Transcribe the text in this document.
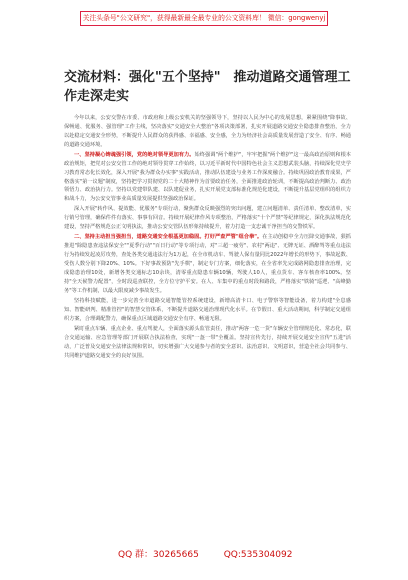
关注头条号"公文研究"，获得最新最全最专业的公文资料库！ 微信：gongwenyj
交流材料：强化"五个坚持"　推动道路交通管理工作走深走实

今年以来，公安交警在市委、市政府和上级公安机关的坚强领导下，坚持以人民为中心的发展思想，紧紧围绕"降事故、保畅通、优服务、强管理"工作主线，坚决落实"交通安全大整治"各项决策部署，扎实开展道路交通安全隐患排查整治，全力以赴稳定交通安全形势，不断提升人民群众的获得感、幸福感、安全感，全力为经济社会高质量发展营造了安全、有序、畅通的道路交通环境。

一、坚持凝心铸魂强引领，党的绝对领导更加有力。始终强调"两个维护"，牢牢把握"两个维护"这一最高政治原则和根本政治规矩，把党对公安交管工作的绝对领导贯穿工作始终，以习近平新时代中国特色社会主义思想武装头脑，持续深化党史学习教育常态化长效化，深入开展"我为群众办实事"实践活动，推动队伍建设与业务工作深度融合。持续巩固政治教育成果，严格落实"第一议题"制度，坚持把学习贯彻党的二十大精神作为首要政治任务，全面推进政治轮训，不断提高政治判断力、政治领悟力、政治执行力。坚持以党建带队建、以队建促业务，扎实开展党支部标准化规范化建设，不断提升基层党组织的组织力和战斗力，为公安交管事业高质量发展提供坚强政治保证。

深入开展"转作风、提效能、优服务"专项行动，聚焦群众反映强烈的突出问题，建立问题清单、责任清单、整改清单，实行销号管理，确保件件有落实、事事有回音。持续开展纪律作风专项整治，严格落实"十个严禁"等纪律规定，深化执法规范化建设，坚持严格规范公正文明执法，推动公安交管队伍形象持续提升，着力打造一支忠诚干净担当的交警铁军。

二、坚持主动担当强担当，道路交通安全根基更加稳固。打好严查严管"组合拳"。在主动创稳中全力压降交通事故，狠抓推进"除隐患查违法保安全""夏季行动""百日行动"等专项行动，对"三超一疲劳"、农村"两违"、无牌无证、酒醉驾等重点违法行为持续发起凌厉攻势，查处各类交通违法行为1万起，在全市机动车、驾驶人保有量同比2022年增长的形势下，事故起数、受伤人数分别下降20%、10%。下好事故预防"先手棋"，制定专门方案，细化落实，在全省率先完成路网隐患排查治理，完成隐患治理10处，新增各类交通标志10余块，清零重点隐患车辆10辆，驾驶人10人，重点货车、客车核查率100%。坚持"全天候警力配置"，全时段巡查联控，全方位守护平安。在人、车集中的重点时段和路段，严格落实"铁骑"巡逻、"高峰勤务"等工作机制，以最大限度减少事故发生。

坚持科技赋能，进一步完善全市道路交通智能管控系统建设，新增高清卡口、电子警察等智能设备，着力构建"全息感知、智能研判、精准管控"的智慧交管体系，不断提升道路交通治理现代化水平。在节假日、重大活动期间，科学制定交通组织方案，合理调配警力，确保重点区域道路交通安全有序、畅通无阻。

紧盯重点车辆、重点企业、重点驾驶人，全面落实源头监管责任，推动"两客一危一货"车辆安全管理规范化、常态化，联合交通运输、应急管理等部门开展联合执法检查，实现"一盔一带"全覆盖。坚持宣传先行，持续开展交通安全宣传"五进"活动，广泛普及交通安全法律法规和常识，切实增强广大交通参与者的安全意识、法治意识、文明意识，营造全社会共同参与、共同维护道路交通安全的良好氛围。

QQ 群：30265665	QQ:535304092
